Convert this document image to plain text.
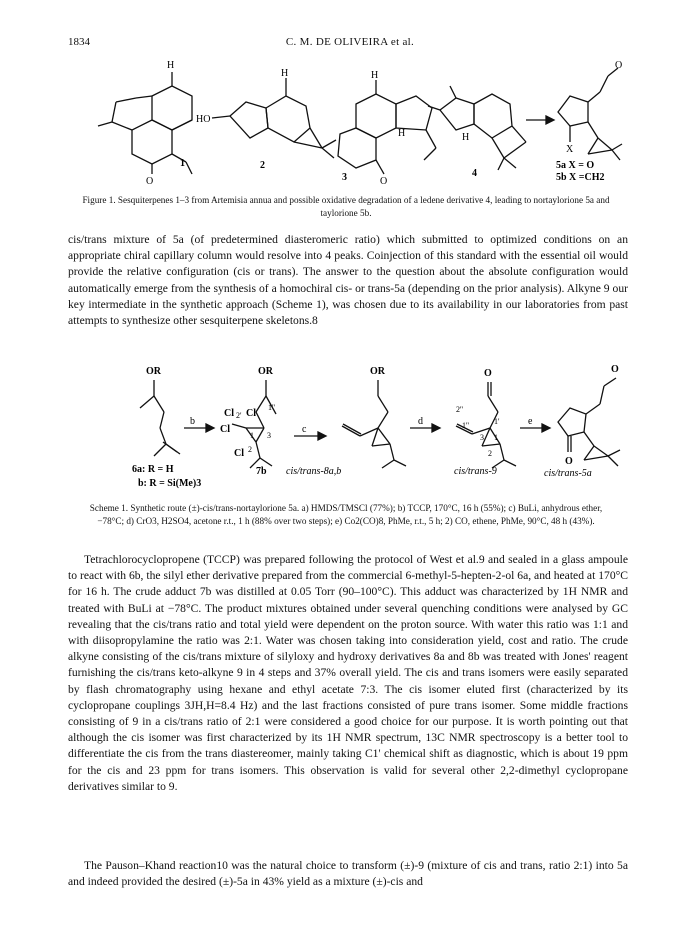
1834	C. M. DE OLIVEIRA et al.
H
H	H
H	H
HO
O	O
O
X
1	2
3	4
5a X = O
5b X =CH2
Figure 1. Sesquiterpenes 1–3 from Artemisia annua and possible oxidative degradation of a ledene derivative 4, leading to nortaylorione 5a and taylorione 5b.

cis/trans mixture of 5a (of predetermined diasteromeric ratio) which submitted to optimized conditions on an appropriate chiral capillary column would resolve into 4 peaks. Coinjection of this standard with the essential oil would provide the relative configuration (cis or trans). The answer to the question about the absolute configuration would automatically emerge from the synthesis of a homochiral cis- or trans-5a (depending on the prior analysis). Alkyne 9 our key intermediate in the synthetic approach (Scheme 1), was chosen due to its availability in our laboratories from past attempts to synthesize other sesquiterpene skeletons.8

OR	OR	OR	O	O
O
Cl Cl
Cl
Cl
2'
1''
1 3
2
2''
1''	1'
3 1
2
b
c
d	e
6a: R = H
b: R = Si(Me)3
7b cis/trans-8a,b	cis/trans-9	cis/trans-5a
Scheme 1. Synthetic route (±)-cis/trans-nortaylorione 5a. a) HMDS/TMSCl (77%); b) TCCP, 170°C, 16 h (55%); c) BuLi, anhydrous ether, −78°C; d) CrO3, H2SO4, acetone r.t., 1 h (88% over two steps); e) Co2(CO)8, PhMe, r.t., 5 h; 2) CO, ethene, PhMe, 90°C, 48 h (43%).

Tetrachlorocyclopropene (TCCP) was prepared following the protocol of West et al.9 and sealed in a glass ampoule to react with 6b, the silyl ether derivative prepared from the commercial 6-methyl-5-hepten-2-ol 6a, and heated at 170°C for 16 h. The crude adduct 7b was distilled at 0.05 Torr (90–100°C). This adduct was characterized by 1H NMR and treated with BuLi at −78°C. The product mixtures obtained under several quenching conditions were analysed by GC revealing that the cis/trans ratio and total yield were dependent on the proton source. With water this ratio was 1:1 and with diisopropylamine the ratio was 2:1. Water was chosen taking into consideration yield, cost and ratio. The crude alkyne consisting of the cis/trans mixture of silyloxy and hydroxy derivatives 8a and 8b was treated with Jones' reagent furnishing the cis/trans keto-alkyne 9 in 4 steps and 37% overall yield. The cis and trans isomers were easily separated by flash chromatography using hexane and ethyl acetate 7:3. The cis isomer eluted first (characterized by its cyclopropane couplings 3JH,H=8.4 Hz) and the last fractions consisted of pure trans isomer. Some middle fractions consisting of 9 in a cis/trans ratio of 2:1 were considered a good choice for our purpose. It is worth pointing out that although the cis isomer was first characterized by its 1H NMR spectrum, 13C NMR spectroscopy is a better tool to differentiate the cis from the trans diastereomer, mainly taking C1' chemical shift as diagnostic, which is about 19 ppm for the cis and 23 ppm for trans isomers. This observation is valid for several other 2,2-dimethyl cyclopropane derivatives similar to 9.

The Pauson–Khand reaction10 was the natural choice to transform (±)-9 (mixture of cis and trans, ratio 2:1) into 5a and indeed provided the desired (±)-5a in 43% yield as a mixture (±)-cis and
